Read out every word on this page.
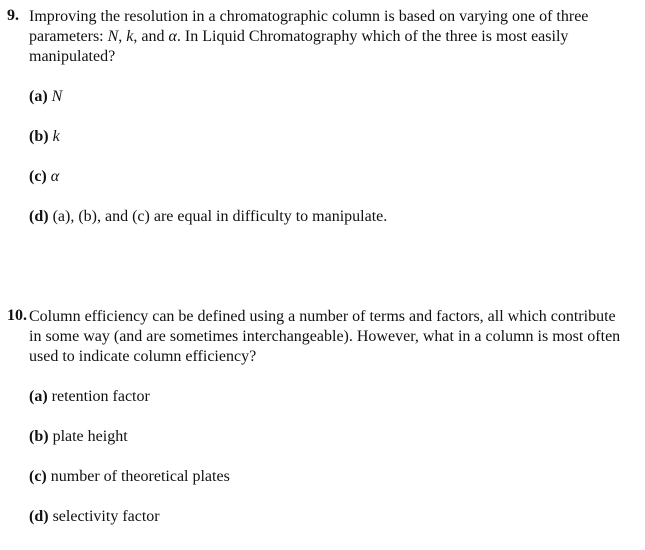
9. Improving the resolution in a chromatographic column is based on varying one of three
parameters: N, k, and α. In Liquid Chromatography which of the three is most easily
manipulated?
(a) N
(b) k
(c) α
(d) (a), (b), and (c) are equal in difficulty to manipulate.
10. Column efficiency can be defined using a number of terms and factors, all which contribute
in some way (and are sometimes interchangeable). However, what in a column is most often
used to indicate column efficiency?
(a) retention factor
(b) plate height
(c) number of theoretical plates
(d) selectivity factor
